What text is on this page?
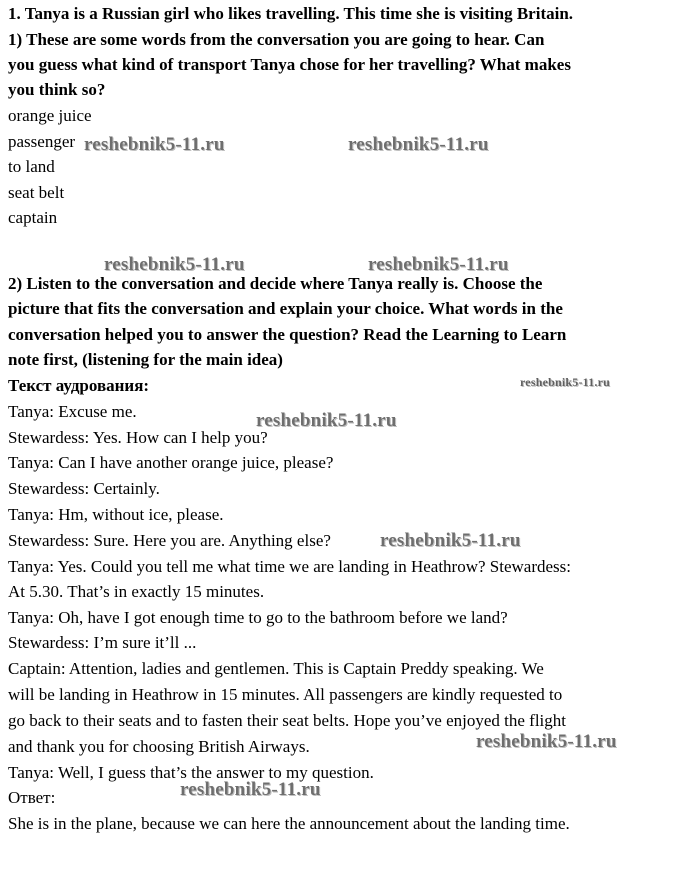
1. Tanya is a Russian girl who likes travelling. This time she is visiting Britain.
1) These are some words from the conversation you are going to hear. Can
you guess what kind of transport Tanya chose for her travelling? What makes
you think so?
orange juice
passenger
to land
seat belt
captain
2) Listen to the conversation and decide where Tanya really is. Choose the
picture that fits the conversation and explain your choice. What words in the
conversation helped you to answer the question? Read the Learning to Learn
note first, (listening for the main idea)
Текст аудрования:
Tanya: Excuse me.
Stewardess: Yes. How can I help you?
Tanya: Can I have another orange juice, please?
Stewardess: Certainly.
Tanya: Hm, without ice, please.
Stewardess: Sure. Here you are. Anything else?
Tanya: Yes. Could you tell me what time we are landing in Heathrow? Stewardess:
At 5.30. That’s in exactly 15 minutes.
Tanya: Oh, have I got enough time to go to the bathroom before we land?
Stewardess: I’m sure it’ll ...
Captain: Attention, ladies and gentlemen. This is Captain Preddy speaking. We
will be landing in Heathrow in 15 minutes. All passengers are kindly requested to
go back to their seats and to fasten their seat belts. Hope you’ve enjoyed the flight
and thank you for choosing British Airways.
Tanya: Well, I guess that’s the answer to my question.
Ответ:
She is in the plane, because we can here the announcement about the landing time.
reshebnik5-11.ru	reshebnik5-11.ru
reshebnik5-11.ru	reshebnik5-11.ru
reshebnik5-11.ru
reshebnik5-11.ru
reshebnik5-11.ru
reshebnik5-11.ru
reshebnik5-11.ru
